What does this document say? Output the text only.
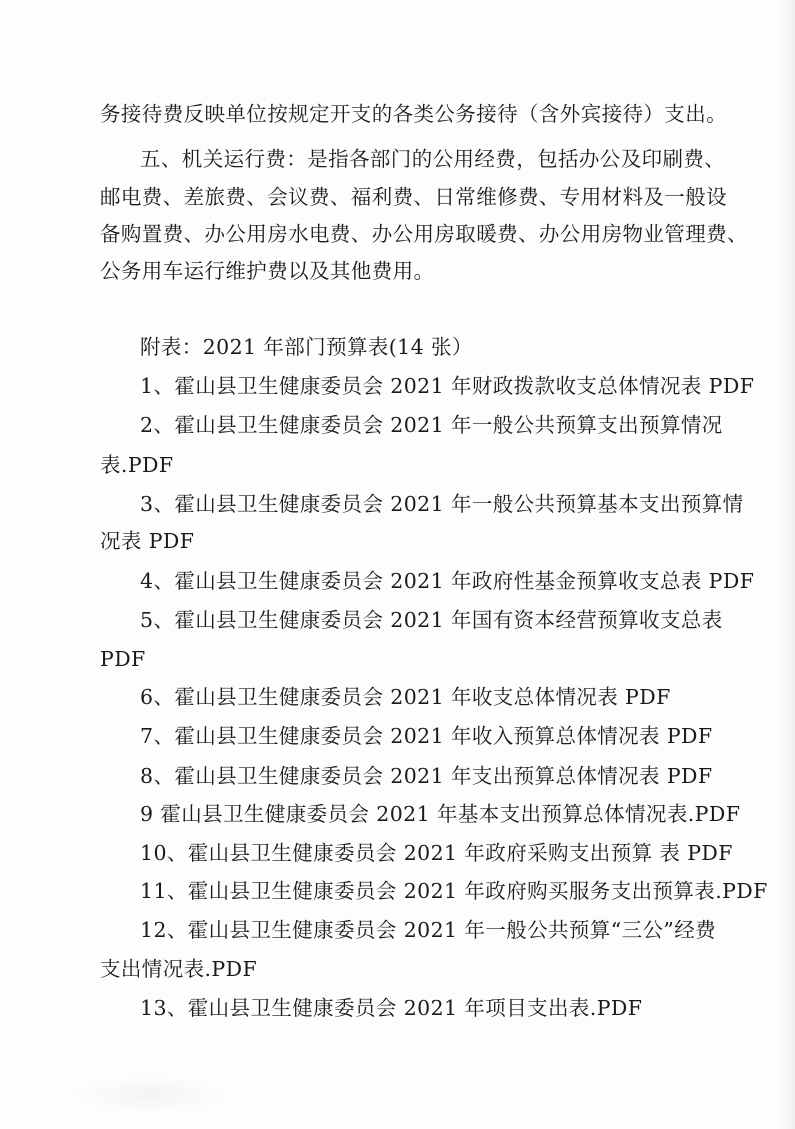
务接待费反映单位按规定开支的各类公务接待（含外宾接待）支出。
五、机关运行费：是指各部门的公用经费，包括办公及印刷费、
邮电费、差旅费、会议费、福利费、日常维修费、专用材料及一般设
备购置费、办公用房水电费、办公用房取暖费、办公用房物业管理费、
公务用车运行维护费以及其他费用。
附表：2021 年部门预算表(14 张）
1、霍山县卫生健康委员会 2021 年财政拨款收支总体情况表 PDF
2、霍山县卫生健康委员会 2021 年一般公共预算支出预算情况
表.PDF
3、霍山县卫生健康委员会 2021 年一般公共预算基本支出预算情
况表 PDF
4、霍山县卫生健康委员会 2021 年政府性基金预算收支总表 PDF
5、霍山县卫生健康委员会 2021 年国有资本经营预算收支总表
PDF
6、霍山县卫生健康委员会 2021 年收支总体情况表 PDF
7、霍山县卫生健康委员会 2021 年收入预算总体情况表 PDF
8、霍山县卫生健康委员会 2021 年支出预算总体情况表 PDF
9 霍山县卫生健康委员会 2021 年基本支出预算总体情况表.PDF
10、霍山县卫生健康委员会 2021 年政府采购支出预算 表 PDF
11、霍山县卫生健康委员会 2021 年政府购买服务支出预算表.PDF
12、霍山县卫生健康委员会 2021 年一般公共预算“三公”经费
支出情况表.PDF
13、霍山县卫生健康委员会 2021 年项目支出表.PDF
